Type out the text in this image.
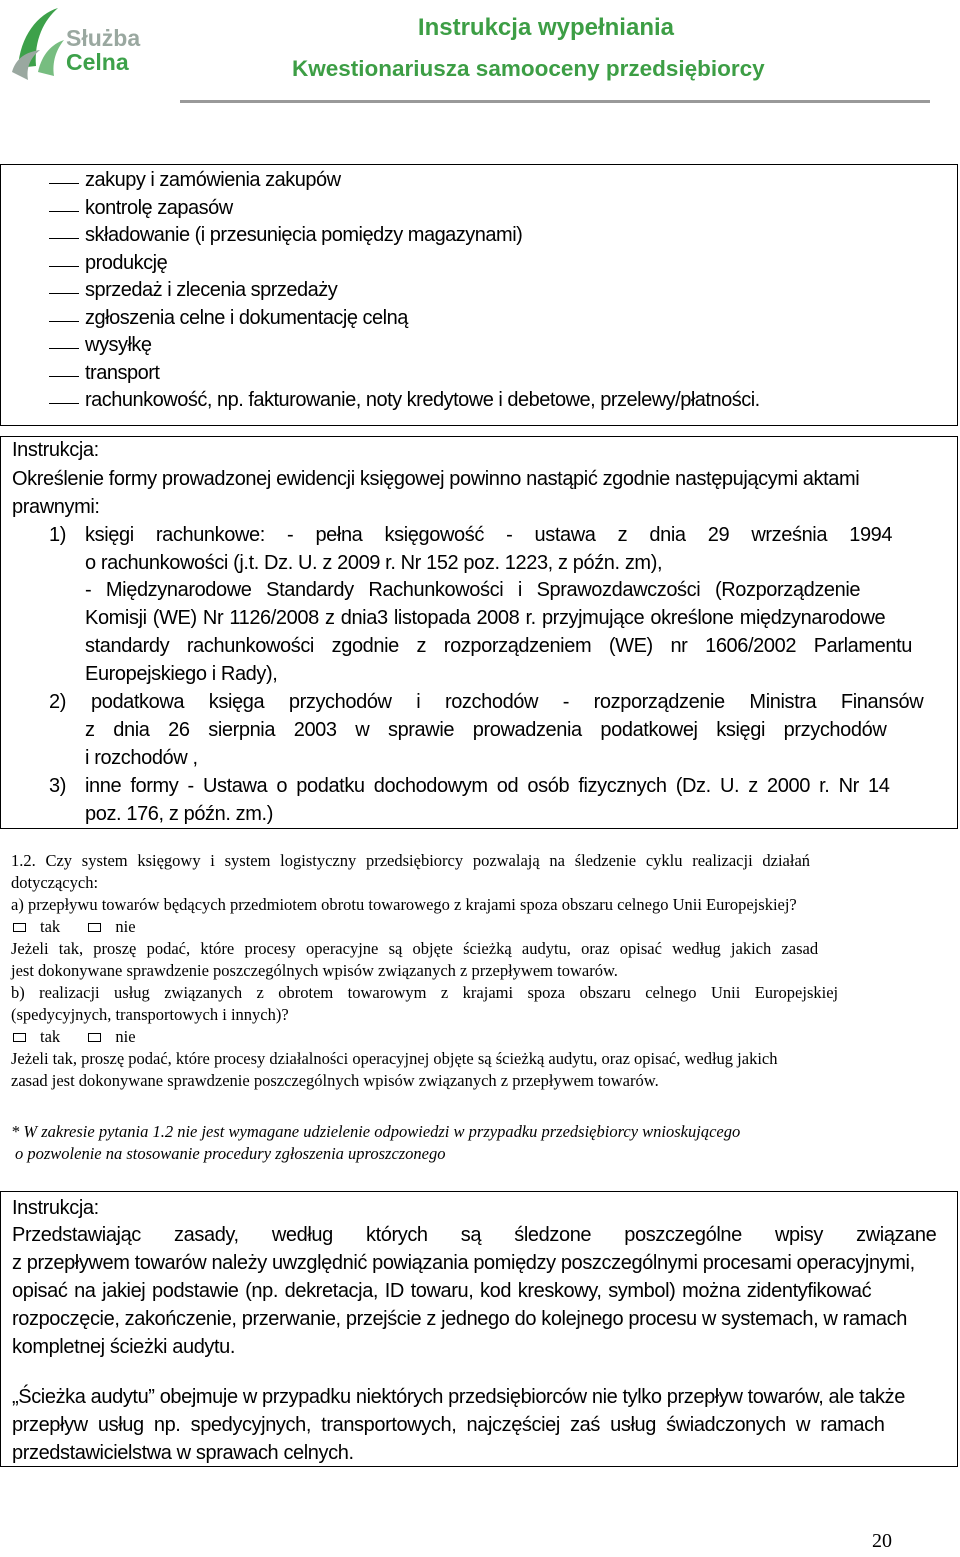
Służba
Celna
Instrukcja wypełniania
Kwestionariusza samooceny przedsiębiorcy
zakupy i zamówienia zakupów
kontrolę zapasów
składowanie (i przesunięcia pomiędzy magazynami)
produkcję
sprzedaż i zlecenia sprzedaży
zgłoszenia celne i dokumentację celną
wysyłkę
transport
rachunkowość, np. fakturowanie, noty kredytowe i debetowe, przelewy/płatności.
Instrukcja:
Określenie formy prowadzonej ewidencji księgowej powinno nastąpić zgodnie następującymi aktami
prawnymi:
1) księgi rachunkowe: - pełna księgowość - ustawa z dnia 29 września 1994
o rachunkowości (j.t. Dz. U. z 2009 r. Nr 152 poz. 1223, z późn. zm),
- Międzynarodowe Standardy Rachunkowości i Sprawozdawczości (Rozporządzenie
Komisji (WE) Nr 1126/2008 z dnia3 listopada 2008 r. przyjmujące określone międzynarodowe
standardy rachunkowości zgodnie z rozporządzeniem (WE) nr 1606/2002 Parlamentu
Europejskiego i Rady),
2) podatkowa księga przychodów i rozchodów - rozporządzenie Ministra Finansów
z dnia 26 sierpnia 2003 w sprawie prowadzenia podatkowej księgi przychodów
i rozchodów ,
3) inne formy - Ustawa o podatku dochodowym od osób fizycznych (Dz. U. z 2000 r. Nr 14
poz. 176, z późn. zm.)
1.2. Czy system księgowy i system logistyczny przedsiębiorcy pozwalają na śledzenie cyklu realizacji działań
dotyczących:
a) przepływu towarów będących przedmiotem obrotu towarowego z krajami spoza obszaru celnego Unii Europejskiej?
tak	nie
Jeżeli tak, proszę podać, które procesy operacyjne są objęte ścieżką audytu, oraz opisać według jakich zasad
jest dokonywane sprawdzenie poszczególnych wpisów związanych z przepływem towarów.
b) realizacji usług związanych z obrotem towarowym z krajami spoza obszaru celnego Unii Europejskiej
(spedycyjnych, transportowych i innych)?
tak	nie
Jeżeli tak, proszę podać, które procesy działalności operacyjnej objęte są ścieżką audytu, oraz opisać, według jakich
zasad jest dokonywane sprawdzenie poszczególnych wpisów związanych z przepływem towarów.
* W zakresie pytania 1.2 nie jest wymagane udzielenie odpowiedzi w przypadku przedsiębiorcy wnioskującego
o pozwolenie na stosowanie procedury zgłoszenia uproszczonego
Instrukcja:
Przedstawiając zasady, według których są śledzone poszczególne wpisy związane
z przepływem towarów należy uwzględnić powiązania pomiędzy poszczególnymi procesami operacyjnymi,
opisać na jakiej podstawie (np. dekretacja, ID towaru, kod kreskowy, symbol) można zidentyfikować
rozpoczęcie, zakończenie, przerwanie, przejście z jednego do kolejnego procesu w systemach, w ramach
kompletnej ścieżki audytu.
„Ścieżka audytu” obejmuje w przypadku niektórych przedsiębiorców nie tylko przepływ towarów, ale także
przepływ usług np. spedycyjnych, transportowych, najczęściej zaś usług świadczonych w ramach
przedstawicielstwa w sprawach celnych.
20
